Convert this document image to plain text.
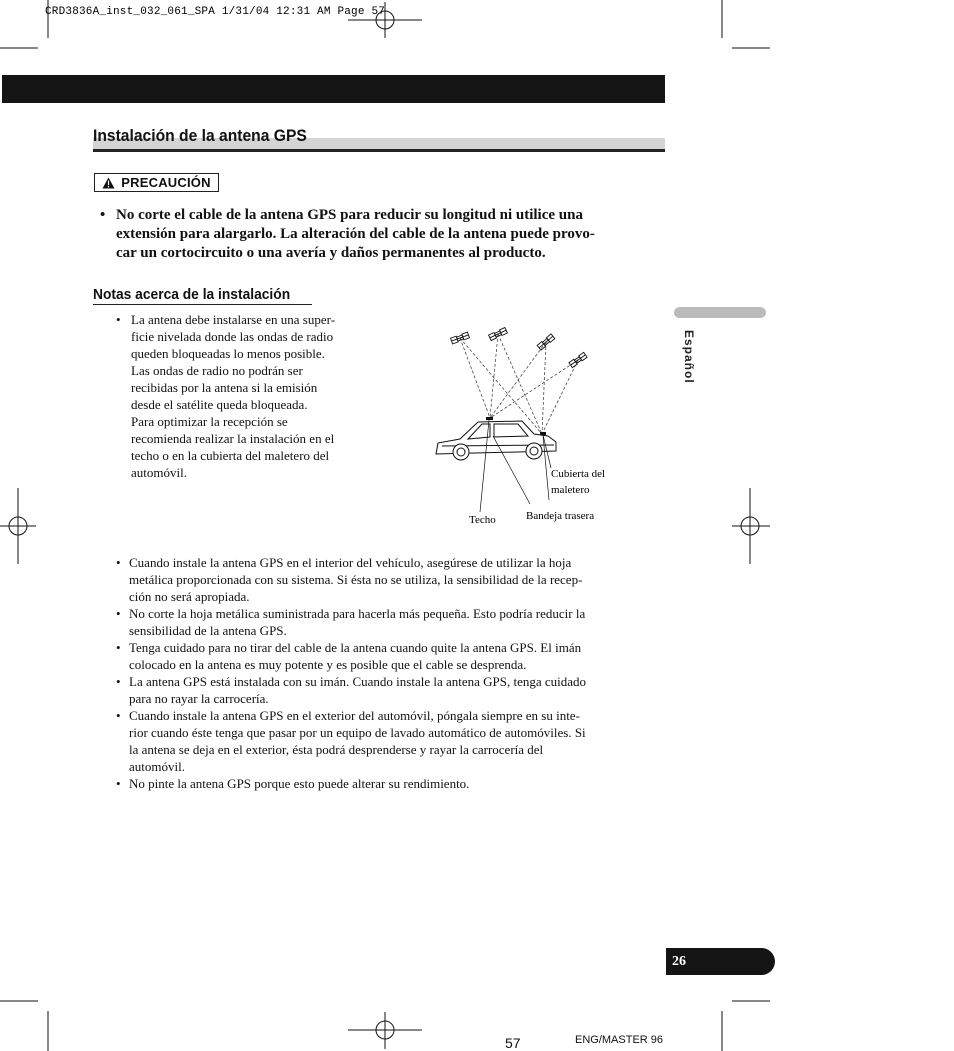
CRD3836A_inst_032_061_SPA 1/31/04 12:31 AM Page 57
Instalación de la antena GPS
PRECAUCIÓN
• No corte el cable de la antena GPS para reducir su longitud ni utilice una
extensión para alargarlo. La alteración del cable de la antena puede provo-
car un cortocircuito o una avería y daños permanentes al producto.
Notas acerca de la instalación
• La antena debe instalarse en una super-
ficie nivelada donde las ondas de radio
queden bloqueadas lo menos posible.
Las ondas de radio no podrán ser
recibidas por la antena si la emisión
desde el satélite queda bloqueada.
Para optimizar la recepción se
recomienda realizar la instalación en el
techo o en la cubierta del maletero del
automóvil.	Cubierta del
maletero
Bandeja trasera
Techo
• Cuando instale la antena GPS en el interior del vehículo, asegúrese de utilizar la hoja
metálica proporcionada con su sistema. Si ésta no se utiliza, la sensibilidad de la recep-
ción no será apropiada.
• No corte la hoja metálica suministrada para hacerla más pequeña. Esto podría reducir la
sensibilidad de la antena GPS.
• Tenga cuidado para no tirar del cable de la antena cuando quite la antena GPS. El imán
colocado en la antena es muy potente y es posible que el cable se desprenda.
• La antena GPS está instalada con su imán. Cuando instale la antena GPS, tenga cuidado
para no rayar la carrocería.
• Cuando instale la antena GPS en el exterior del automóvil, póngala siempre en su inte-
rior cuando éste tenga que pasar por un equipo de lavado automático de automóviles. Si
la antena se deja en el exterior, ésta podrá desprenderse y rayar la carrocería del
automóvil.
• No pinte la antena GPS porque esto puede alterar su rendimiento.
Español
26
57	ENG/MASTER 96
